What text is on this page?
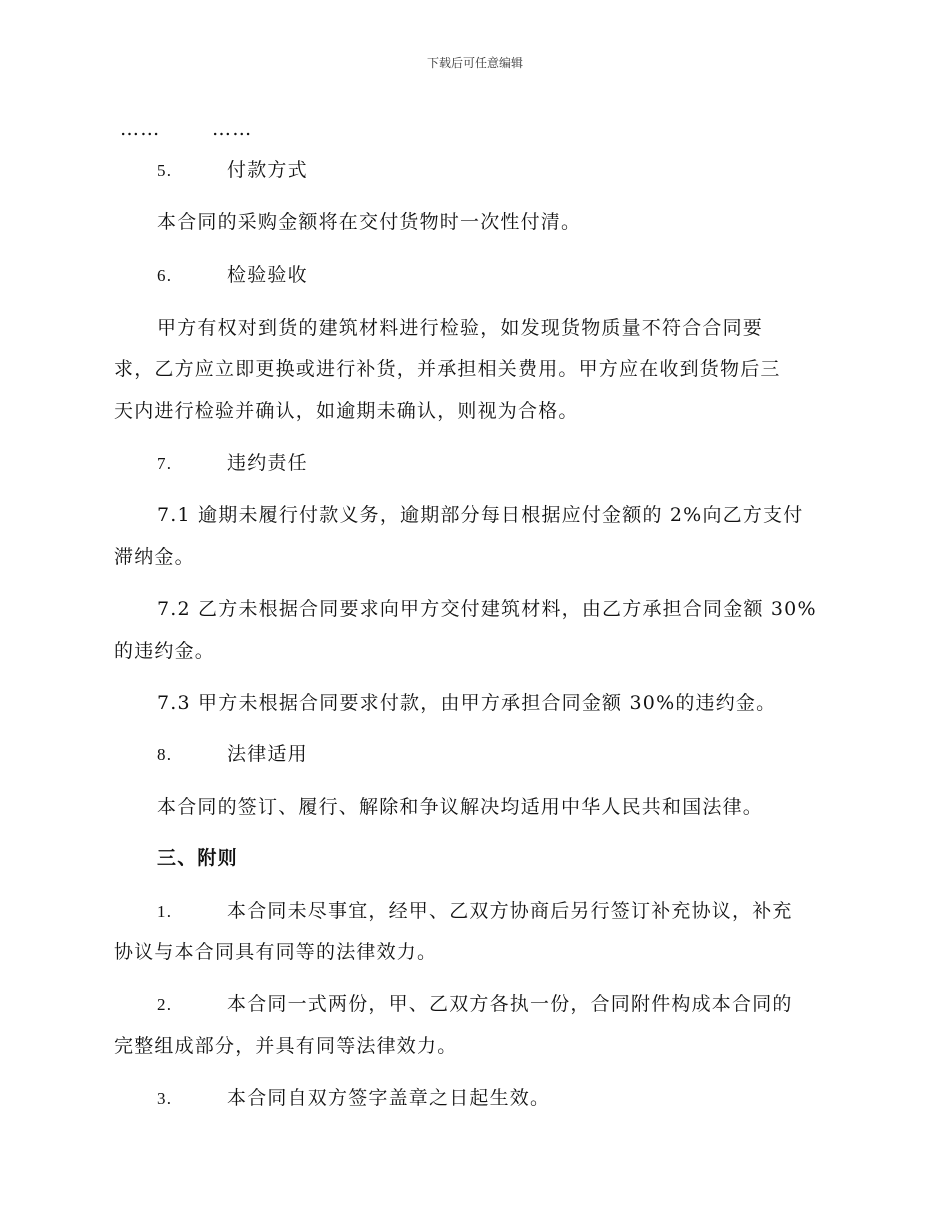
下载后可任意编辑
……	……
5.	付款方式
本合同的采购金额将在交付货物时一次性付清。
6.	检验验收
甲方有权对到货的建筑材料进行检验，如发现货物质量不符合合同要
求，乙方应立即更换或进行补货，并承担相关费用。甲方应在收到货物后三
天内进行检验并确认，如逾期未确认，则视为合格。
7.	违约责任
7.1 逾期未履行付款义务，逾期部分每日根据应付金额的 2%向乙方支付
滞纳金。
7.2 乙方未根据合同要求向甲方交付建筑材料，由乙方承担合同金额 30%
的违约金。
7.3 甲方未根据合同要求付款，由甲方承担合同金额 30%的违约金。
8.	法律适用
本合同的签订、履行、解除和争议解决均适用中华人民共和国法律。
三、附则
1.	本合同未尽事宜，经甲、乙双方协商后另行签订补充协议，补充
协议与本合同具有同等的法律效力。
2.	本合同一式两份，甲、乙双方各执一份，合同附件构成本合同的
完整组成部分，并具有同等法律效力。
3.	本合同自双方签字盖章之日起生效。
